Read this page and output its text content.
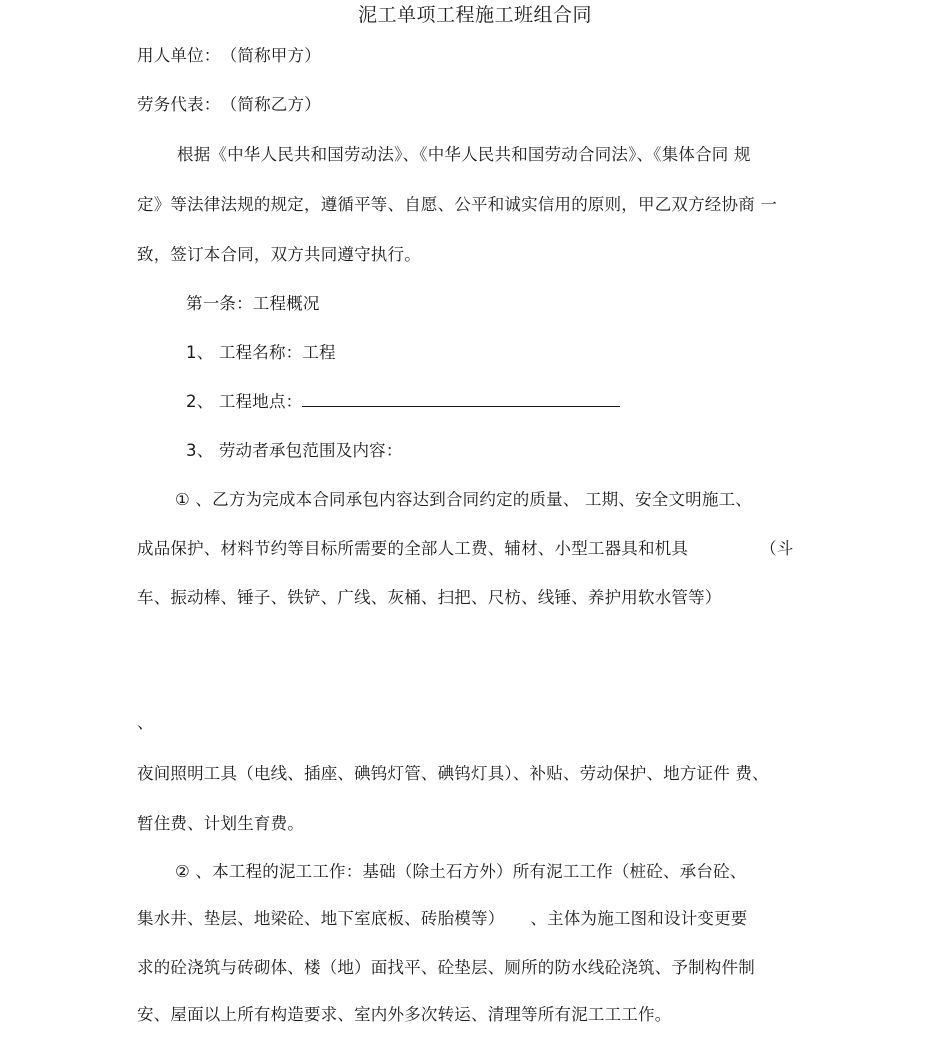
泥工单项工程施工班组合同
用人单位：　（简称甲方）
劳务代表：　（简称乙方）
根据《中华人民共和国劳动法》、《中华人民共和国劳动合同法》、《集体合同 规
定》等法律法规的规定，遵循平等、自愿、公平和诚实信用的原则，甲乙双方经协商 一
致，签订本合同，双方共同遵守执行。
第一条：工程概况
1、 工程名称：工程
2、 工程地点：
3、 劳动者承包范围及内容：
① 、乙方为完成本合同承包内容达到合同约定的质量、 工期、安全文明施工、
成品保护、材料节约等目标所需要的全部人工费、辅材、小型工器具和机具	（斗
车、振动棒、锤子、铁铲、广线、灰桶、扫把、尺枋、线锤、养护用软水管等）
、
夜间照明工具（电线、插座、碘钨灯管、碘钨灯具）、补贴、劳动保护、地方证件 费、
暂住费、计划生育费。
② 、本工程的泥工工作：基础（除土石方外）所有泥工工作（桩砼、承台砼、
集水井、垫层、地梁砼、地下室底板、砖胎模等） 、主体为施工图和设计变更要
求的砼浇筑与砖砌体、楼（地）面找平、砼垫层、厕所的防水线砼浇筑、予制构件制
安、屋面以上所有构造要求、室内外多次转运、清理等所有泥工工工作。
